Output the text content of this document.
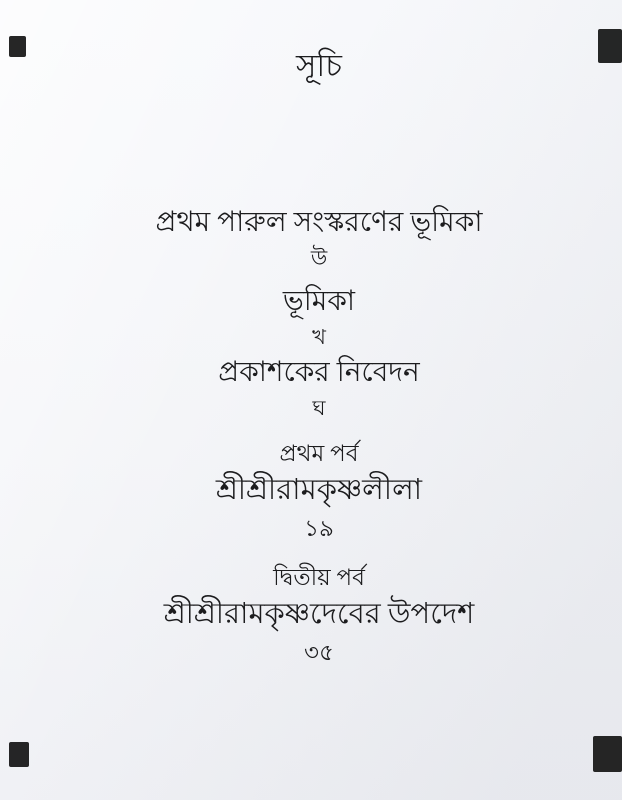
সূচি
প্রথম পারুল সংস্করণের ভূমিকা
উ
ভূমিকা
খ
প্রকাশকের নিবেদন
ঘ
প্রথম পর্ব
শ্রীশ্রীরামকৃষ্ণলীলা
১৯
দ্বিতীয় পর্ব
শ্রীশ্রীরামকৃষ্ণদেবের উপদেশ
৩৫
